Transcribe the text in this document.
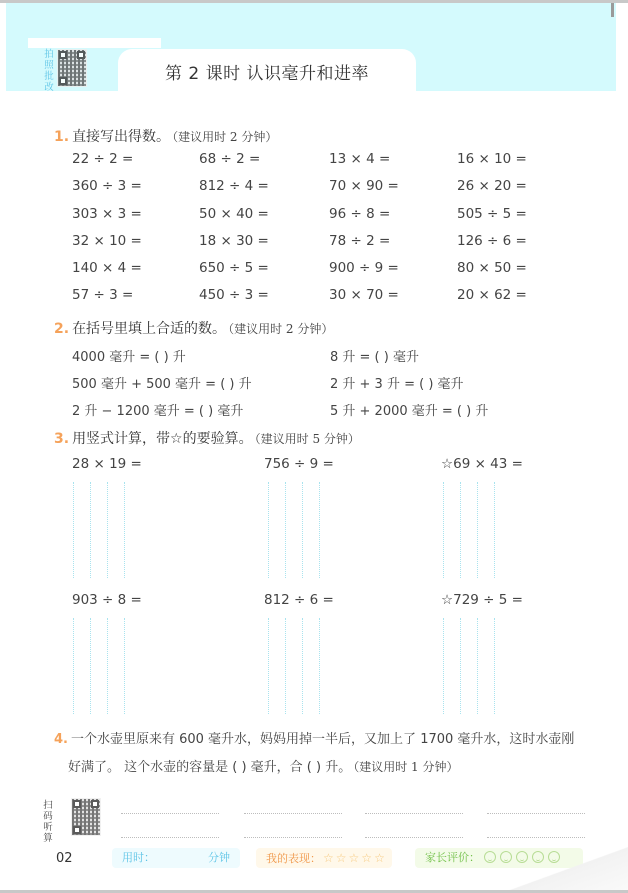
第 2 课时 认识毫升和进率
拍
照
批
改
1. 直接写出得数。 （建议用时 2 分钟）
22 ÷ 2 =	68 ÷ 2 =	13 × 4 =	16 × 10 =
360 ÷ 3 =	812 ÷ 4 =	70 × 90 =	26 × 20 =
303 × 3 =	50 × 40 =	96 ÷ 8 =	505 ÷ 5 =
32 × 10 =	18 × 30 =	78 ÷ 2 =	126 ÷ 6 =
140 × 4 =	650 ÷ 5 =	900 ÷ 9 =	80 × 50 =
57 ÷ 3 =	450 ÷ 3 =	30 × 70 =	20 × 62 =
2. 在括号里填上合适的数。 （建议用时 2 分钟）
4000 毫升 = ( ) 升	8 升 = ( ) 毫升
500 毫升 + 500 毫升 = ( ) 升	2 升 + 3 升 = ( ) 毫升
2 升 − 1200 毫升 = ( ) 毫升	5 升 + 2000 毫升 = ( ) 升
3. 用竖式计算，带☆的要验算。 （建议用时 5 分钟）
28 × 19 =	756 ÷ 9 =	☆69 × 43 =
903 ÷ 8 =	812 ÷ 6 =	☆729 ÷ 5 =
4. 一个水壶里原来有 600 毫升水，妈妈用掉一半后，又加上了 1700 毫升水，这时水壶刚
好满了。 这个水壶的容量是 ( ) 毫升，合 ( ) 升。 （建议用时 1 分钟）
扫
码
听
算
02	用时：	分钟	我的表现： ☆ ☆ ☆ ☆ ☆	家长评价：
